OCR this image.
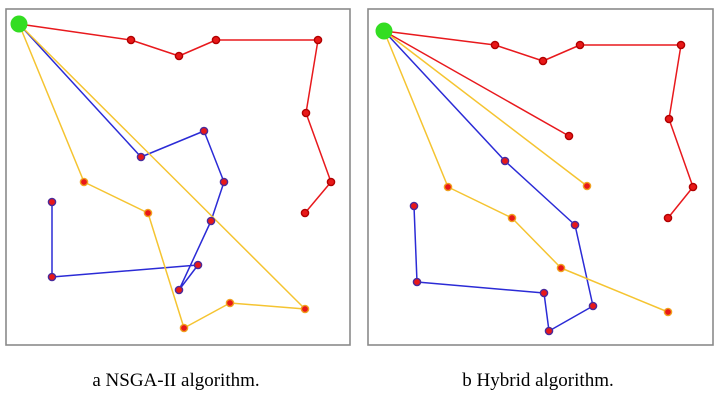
a NSGA-II algorithm.	b Hybrid algorithm.
